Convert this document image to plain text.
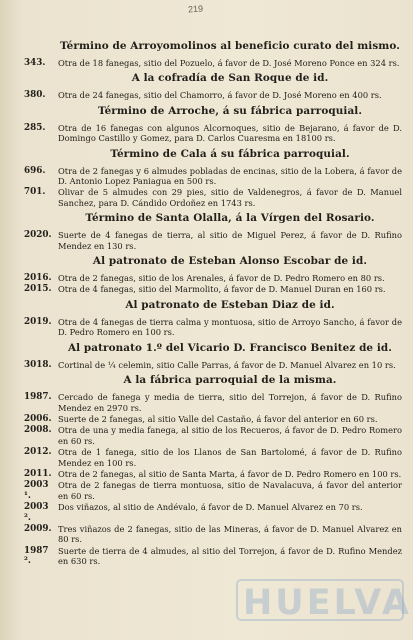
219
Término de Arroyomolinos al beneficio curato del mismo.
343.	Otra de 18 fanegas, sitio del Pozuelo, á favor de D. José Moreno Ponce en 324 rs.
A la cofradía de San Roque de id.
380.	Otra de 24 fanegas, sitio del Chamorro, á favor de D. José Moreno en 400 rs.
Término de Arroche, á su fábrica parroquial.
285.	Otra de 16 fanegas con algunos Alcornoques, sitio de Bejarano, á favor de D. Domingo Castillo y Gomez, para D. Carlos Cuaresma en 18100 rs.
Término de Cala á su fábrica parroquial.
696.	Otra de 2 fanegas y 6 almudes pobladas de encinas, sitio de la Lobera, á favor de D. Antonio Lopez Paniagua en 500 rs.
701.	Olivar de 5 almudes con 29 pies, sitio de Valdenegros, á favor de D. Manuel Sanchez, para D. Cándido Ordoñez en 1743 rs.
Término de Santa Olalla, á la Vírgen del Rosario.
2020. Suerte de 4 fanegas de tierra, al sitio de Miguel Perez, á favor de D. Rufino Mendez en 130 rs.
Al patronato de Esteban Alonso Escobar de id.
2016. Otra de 2 fanegas, sitio de los Arenales, á favor de D. Pedro Romero en 80 rs.
2015. Otra de 4 fanegas, sitio del Marmolito, á favor de D. Manuel Duran en 160 rs.
Al patronato de Esteban Diaz de id.
2019. Otra de 4 fanegas de tierra calma y montuosa, sitio de Arroyo Sancho, á favor de D. Pedro Romero en 100 rs.
Al patronato 1.º del Vicario D. Francisco Benitez de id.
3018. Cortinal de ¼ celemin, sitio Calle Parras, á favor de D. Manuel Alvarez en 10 rs.
A la fábrica parroquial de la misma.
1987. Cercado de fanega y media de tierra, sitio del Torrejon, á favor de D. Rufino Mendez en 2970 rs.
2006. Suerte de 2 fanegas, al sitio Valle del Castaño, á favor del anterior en 60 rs.
2008. Otra de una y media fanega, al sitio de los Recueros, á favor de D. Pedro Romero en 60 rs.
2012. Otra de 1 fanega, sitio de los Llanos de San Bartolomé, á favor de D. Rufino Mendez en 100 rs.
2011. Otra de 2 fanegas, al sitio de Santa Marta, á favor de D. Pedro Romero en 100 rs.
2003 ¹.
Otra de 2 fanegas de tierra montuosa, sitio de Navalacuva, á favor del anterior en 60 rs.
2003 ².
Dos viñazos, al sitio de Andévalo, á favor de D. Manuel Alvarez en 70 rs.
2009. Tres viñazos de 2 fanegas, sitio de las Mineras, á favor de D. Manuel Alvarez en 80 rs.
1987 ².
Suerte de tierra de 4 almudes, al sitio del Torrejon, á favor de D. Rufino Mendez en 630 rs.
HUELVA
